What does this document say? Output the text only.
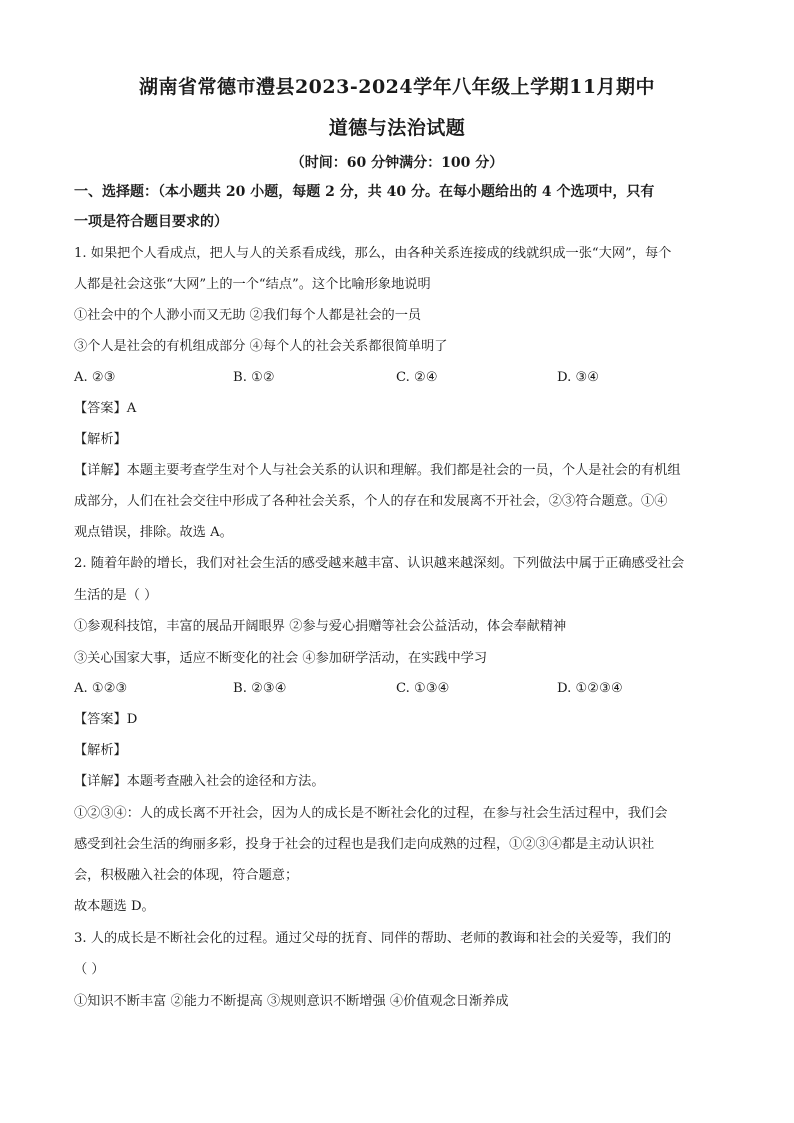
湖南省常德市澧县2023-2024学年八年级上学期11月期中
道德与法治试题
（时间：60 分钟满分：100 分）
一、选择题：（本小题共 20 小题，每题 2 分，共 40 分。在每小题给出的 4 个选项中，只有
一项是符合题目要求的）
1. 如果把个人看成点，把人与人的关系看成线，那么，由各种关系连接成的线就织成一张“大网”，每个
人都是社会这张“大网”上的一个“结点”。这个比喻形象地说明
①社会中的个人渺小而又无助 ②我们每个人都是社会的一员
③个人是社会的有机组成部分 ④每个人的社会关系都很简单明了
A. ②③	B. ①②	C. ②④	D. ③④
【答案】A
【解析】
【详解】本题主要考查学生对个人与社会关系的认识和理解。我们都是社会的一员，个人是社会的有机组
成部分，人们在社会交往中形成了各种社会关系，个人的存在和发展离不开社会，②③符合题意。①④
观点错误，排除。故选 A。
2. 随着年龄的增长，我们对社会生活的感受越来越丰富、认识越来越深刻。下列做法中属于正确感受社会
生活的是（ ）
①参观科技馆，丰富的展品开阔眼界 ②参与爱心捐赠等社会公益活动，体会奉献精神
③关心国家大事，适应不断变化的社会 ④参加研学活动，在实践中学习
A. ①②③	B. ②③④	C. ①③④	D. ①②③④
【答案】D
【解析】
【详解】本题考查融入社会的途径和方法。
①②③④：人的成长离不开社会，因为人的成长是不断社会化的过程，在参与社会生活过程中，我们会
感受到社会生活的绚丽多彩，投身于社会的过程也是我们走向成熟的过程，①②③④都是主动认识社
会，积极融入社会的体现，符合题意；
故本题选 D。
3. 人的成长是不断社会化的过程。通过父母的抚育、同伴的帮助、老师的教诲和社会的关爱等，我们的
（ ）
①知识不断丰富 ②能力不断提高 ③规则意识不断增强 ④价值观念日渐养成
